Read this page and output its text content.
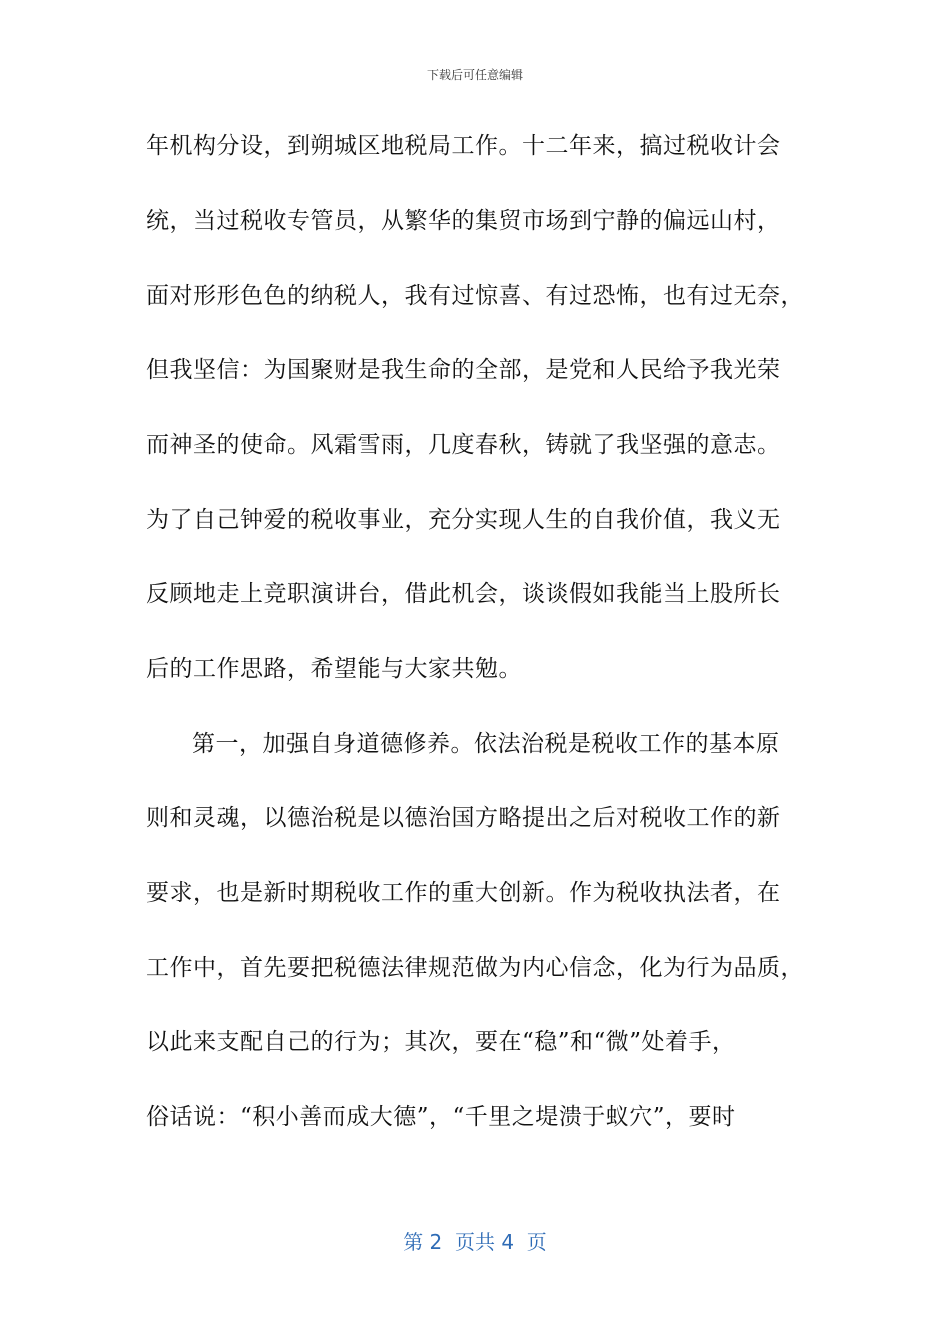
下载后可任意编辑
年机构分设，到朔城区地税局工作。十二年来，搞过税收计会
统，当过税收专管员，从繁华的集贸市场到宁静的偏远山村，
面对形形色色的纳税人，我有过惊喜、有过恐怖，也有过无奈，
但我坚信：为国聚财是我生命的全部，是党和人民给予我光荣
而神圣的使命。风霜雪雨，几度春秋，铸就了我坚强的意志。
为了自己钟爱的税收事业，充分实现人生的自我价值，我义无
反顾地走上竞职演讲台，借此机会，谈谈假如我能当上股所长
后的工作思路，希望能与大家共勉。
第一，加强自身道德修养。依法治税是税收工作的基本原
则和灵魂，以德治税是以德治国方略提出之后对税收工作的新
要求，也是新时期税收工作的重大创新。作为税收执法者，在
工作中，首先要把税德法律规范做为内心信念，化为行为品质，
以此来支配自己的行为；其次，要在“稳”和“微”处着手，
俗话说：“积小善而成大德”，“千里之堤溃于蚁穴”，要时
第 2  页共 4  页
